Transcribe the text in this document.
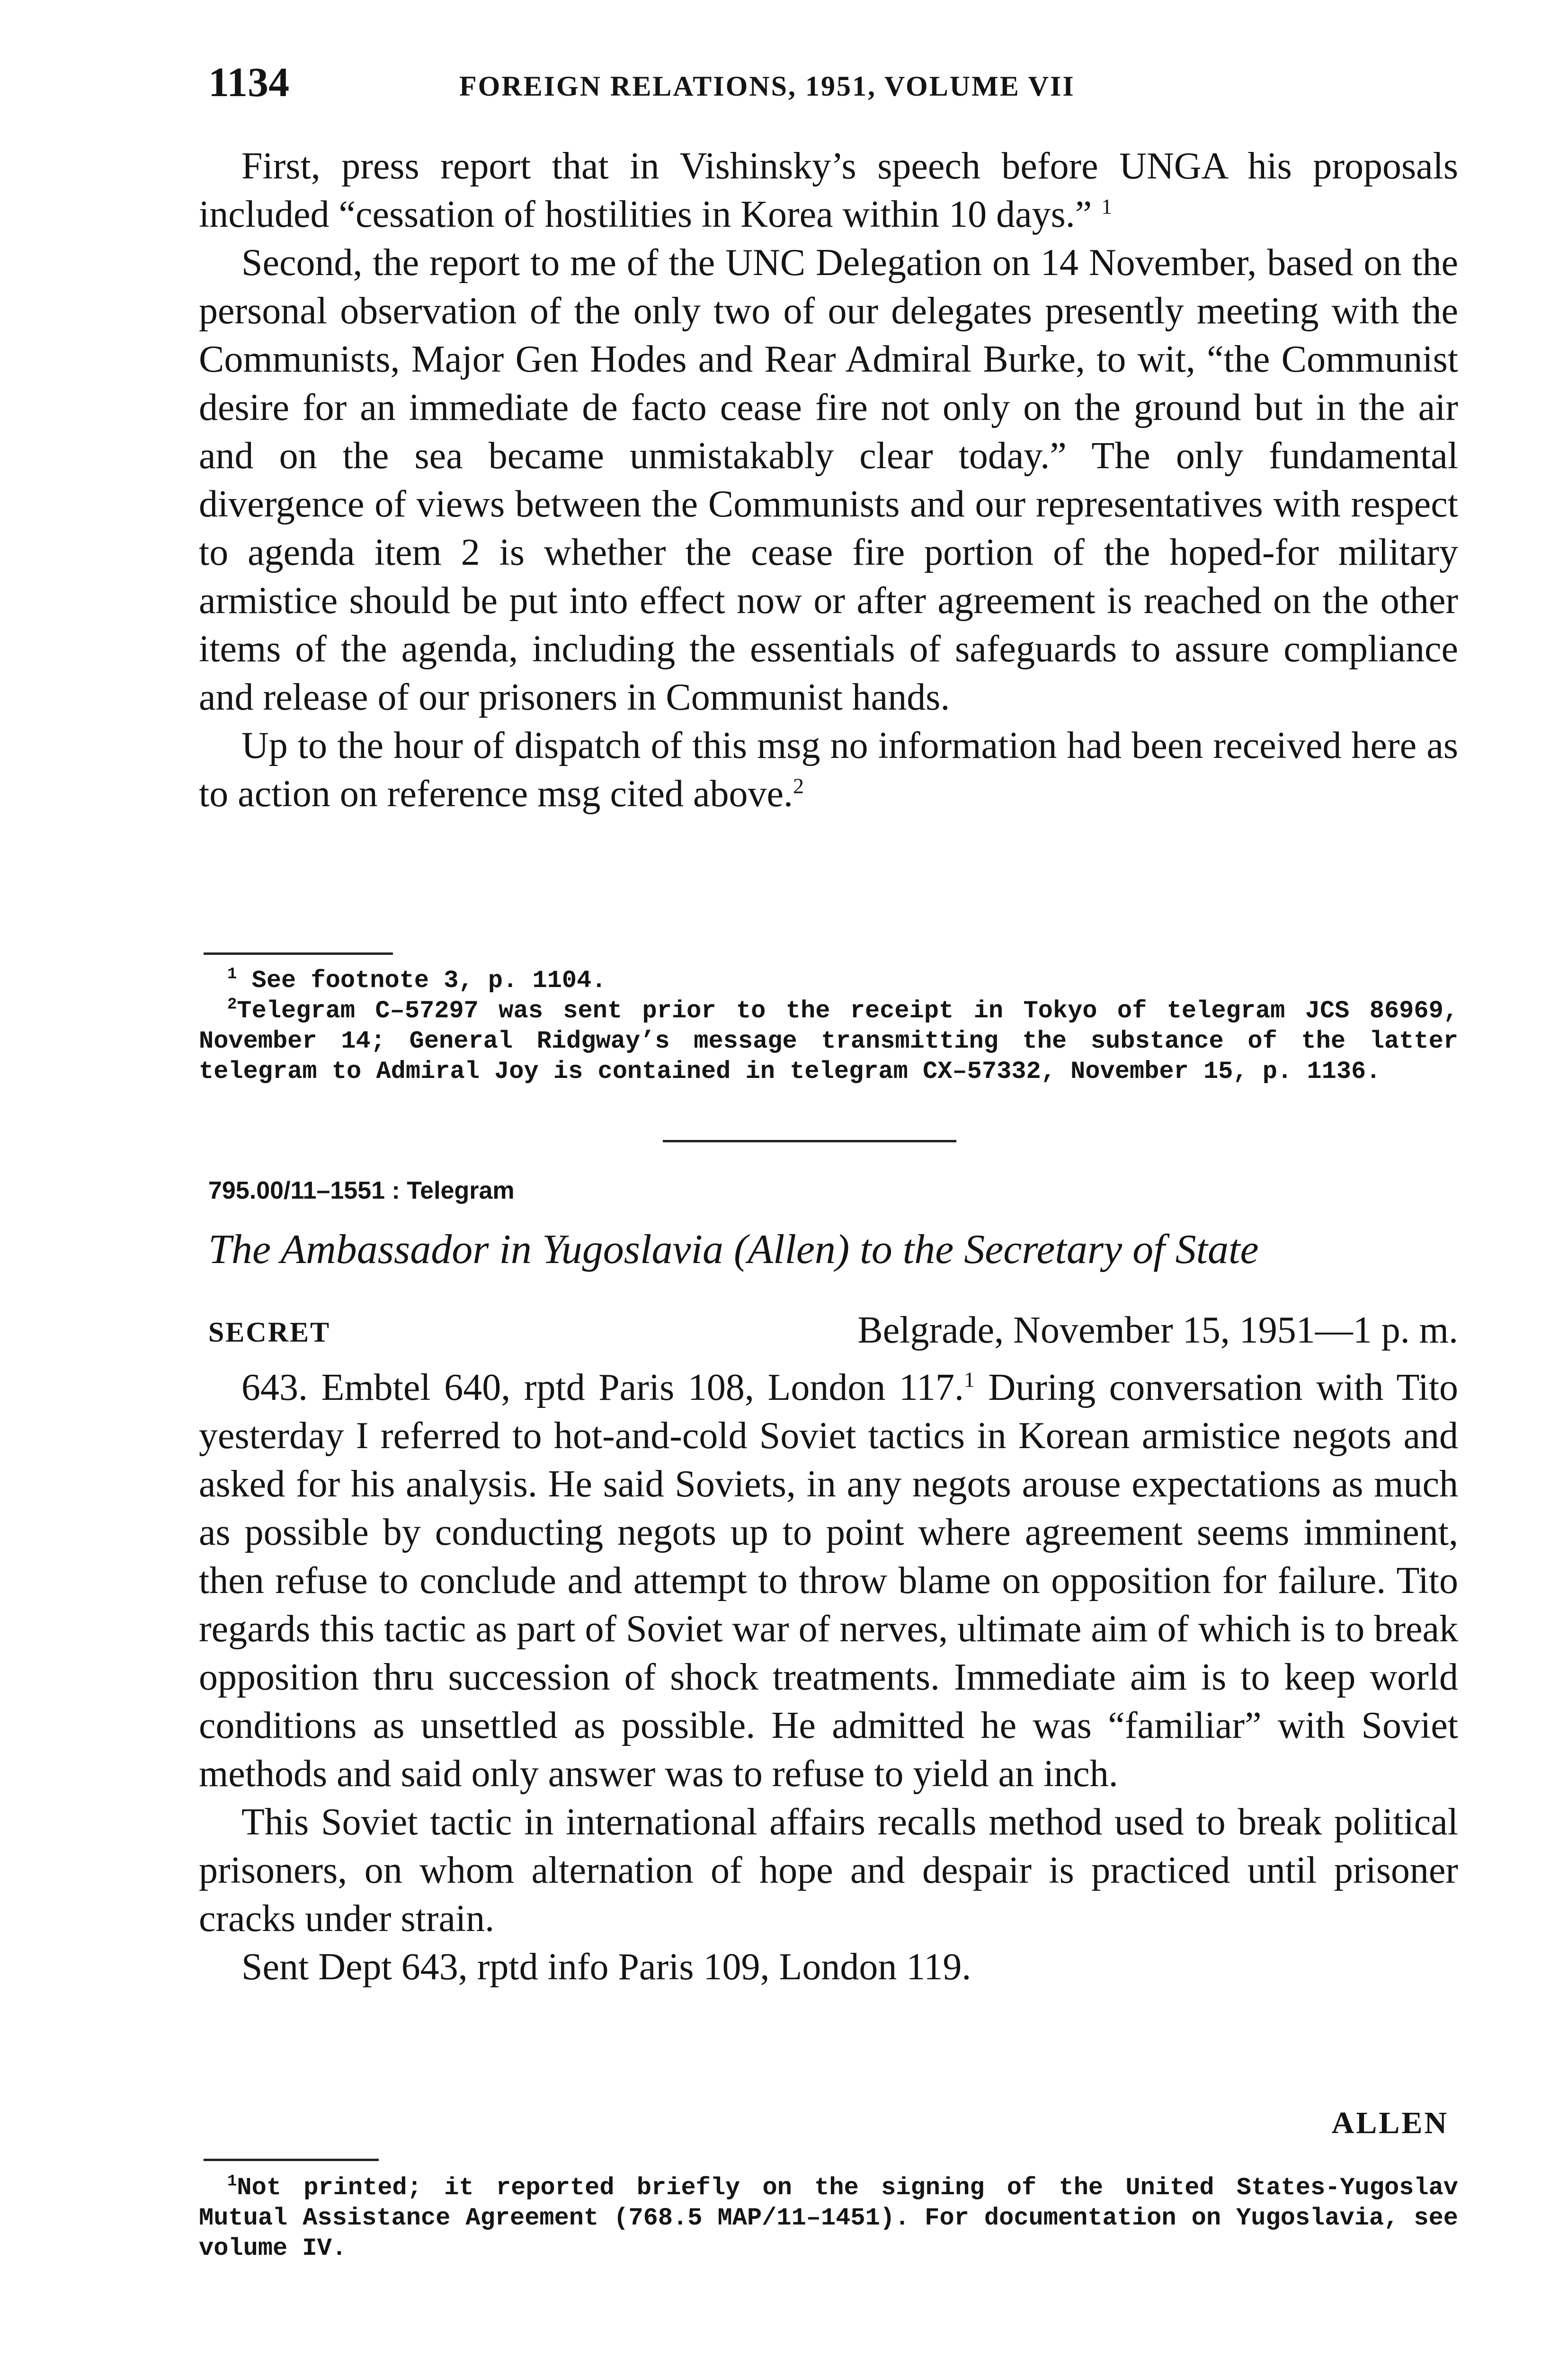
1134	FOREIGN RELATIONS, 1951, VOLUME VII

First, press report that in Vishinsky’s speech before UNGA his proposals included “cessation of hostilities in Korea within 10 days.” $^1$

Second, the report to me of the UNC Delegation on 14 November, based on the personal observation of the only two of our delegates presently meeting with the Communists, Major Gen Hodes and Rear Admiral Burke, to wit, “the Communist desire for an immediate de facto cease fire not only on the ground but in the air and on the sea became unmistakably clear today.” The only fundamental divergence of views between the Communists and our representatives with respect to agenda item 2 is whether the cease fire portion of the hoped-for military armistice should be put into effect now or after agreement is reached on the other items of the agenda, including the essentials of safeguards to assure compliance and release of our prisoners in Communist hands.

Up to the hour of dispatch of this msg no information had been received here as to action on reference msg cited above.$^2$

$^1$ See footnote 3, p. 1104.

$^2$Telegram C–57297 was sent prior to the receipt in Tokyo of telegram JCS 86969, November 14; General Ridgway’s message transmitting the substance of the latter telegram to Admiral Joy is contained in telegram CX–57332, November 15, p. 1136.

795.00/11–1551 : Telegram
The Ambassador in Yugoslavia (Allen) to the Secretary of State
SECRET	Belgrade, November 15, 1951—1 p. m.

643. Embtel 640, rptd Paris 108, London 117.$^1$ During conversation with Tito yesterday I referred to hot-and-cold Soviet tactics in Korean armistice negots and asked for his analysis. He said Soviets, in any negots arouse expectations as much as possible by conducting negots up to point where agreement seems imminent, then refuse to conclude and attempt to throw blame on opposition for failure. Tito regards this tactic as part of Soviet war of nerves, ultimate aim of which is to break opposition thru succession of shock treatments. Immediate aim is to keep world conditions as unsettled as possible. He admitted he was “familiar” with Soviet methods and said only answer was to refuse to yield an inch.

This Soviet tactic in international affairs recalls method used to break political prisoners, on whom alternation of hope and despair is practiced until prisoner cracks under strain.

Sent Dept 643, rptd info Paris 109, London 119.

ALLEN

$^1$Not printed; it reported briefly on the signing of the United States-Yugoslav Mutual Assistance Agreement (768.5 MAP/11–1451). For documentation on Yugoslavia, see volume IV.
